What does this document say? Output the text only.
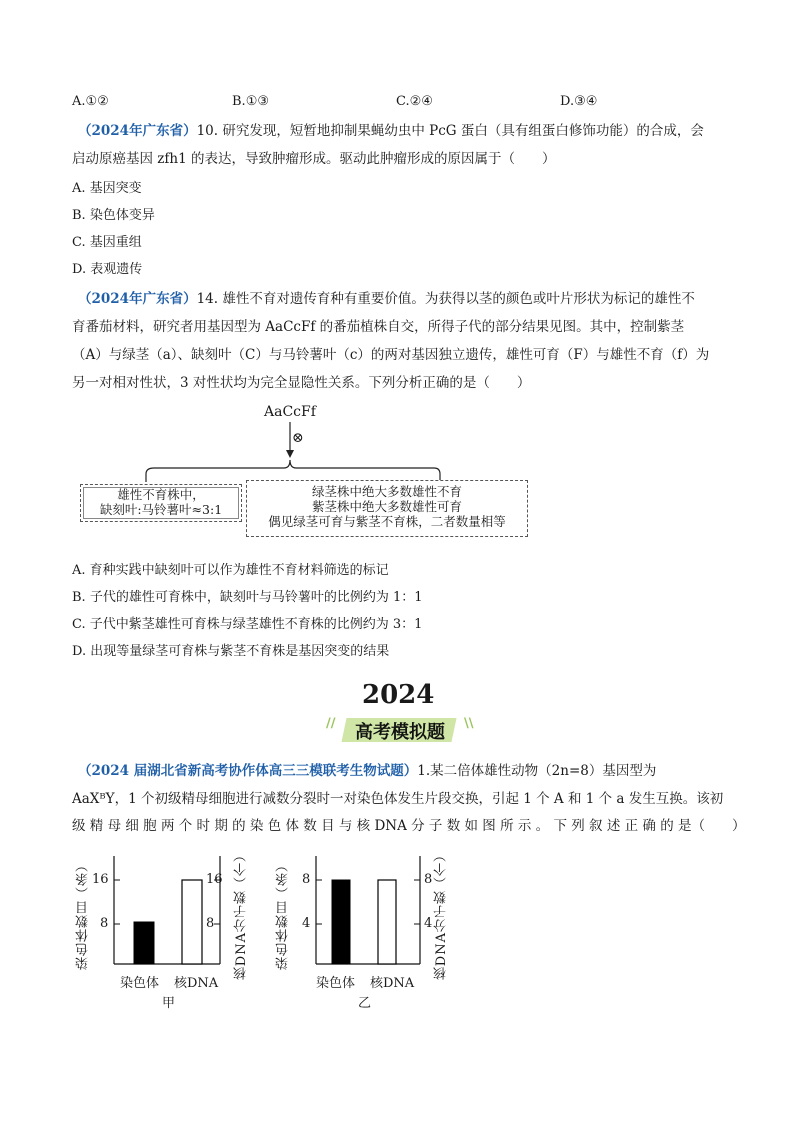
A.①②	B.①③	C.②④	D.③④
（2024年广东省）10. 研究发现，短暂地抑制果蝇幼虫中 PcG 蛋白（具有组蛋白修饰功能）的合成，会
启动原癌基因 zfh1 的表达，导致肿瘤形成。驱动此肿瘤形成的原因属于（　　）
A. 基因突变
B. 染色体变异
C. 基因重组
D. 表观遗传
（2024年广东省）14. 雄性不育对遗传育种有重要价值。为获得以茎的颜色或叶片形状为标记的雄性不
育番茄材料，研究者用基因型为 AaCcFf 的番茄植株自交，所得子代的部分结果见图。其中，控制紫茎
（A）与绿茎（a）、缺刻叶（C）与马铃薯叶（c）的两对基因独立遗传，雄性可育（F）与雄性不育（f）为
另一对相对性状，3 对性状均为完全显隐性关系。下列分析正确的是（　　）
AaCcFf
⊗
雄性不育株中，
缺刻叶:马铃薯叶≈3:1
绿茎株中绝大多数雄性不育
紫茎株中绝大多数雄性可育
偶见绿茎可育与紫茎不育株，二者数量相等
A. 育种实践中缺刻叶可以作为雄性不育材料筛选的标记
B. 子代的雄性可育株中，缺刻叶与马铃薯叶的比例约为 1：1
C. 子代中紫茎雄性可育株与绿茎雄性不育株的比例约为 3：1
D. 出现等量绿茎可育株与紫茎不育株是基因突变的结果
2024
// 高考模拟题	\\
（2024 届湖北省新高考协作体高三三模联考生物试题）1.某二倍体雄性动物（2n=8）基因型为
AaXᴮY，1 个初级精母细胞进行减数分裂时一对染色体发生片段交换，引起 1 个 A 和 1 个 a 发生互换。该初
级 精 母 细 胞 两 个 时 期 的 染 色 体 数 目 与 核 DNA 分 子 数 如 图 所 示 。 下 列 叙 述 正 确 的 是（　　）
染色体数目（条）	核DNA分子数（个）
16
8
16
8
染色体 核DNA
甲
染色体数目（条）	核DNA分子数（个）
8
4
8
4
染色体 核DNA
乙
